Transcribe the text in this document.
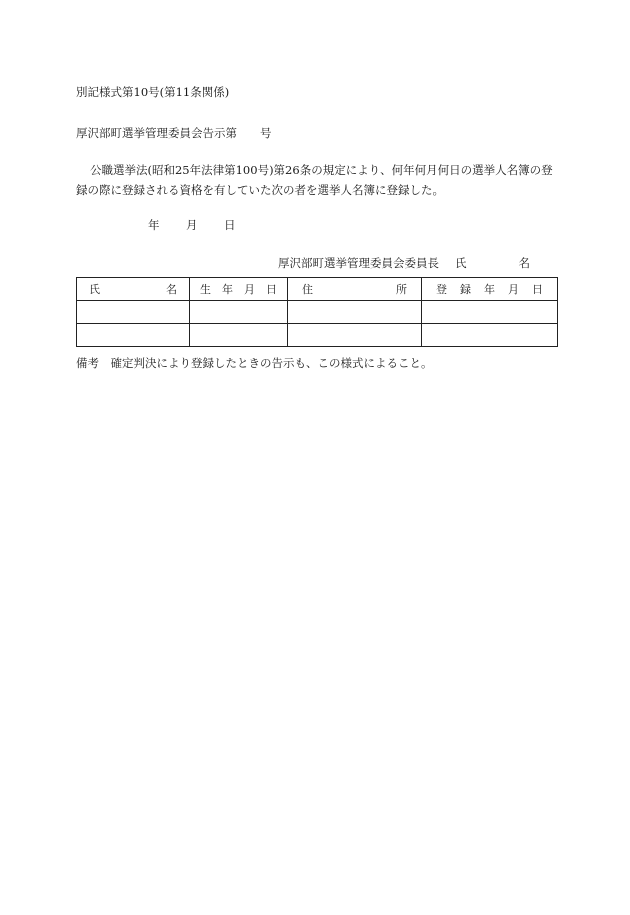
別記様式第10号(第11条関係)
厚沢部町選挙管理委員会告示第　　号
公職選挙法(昭和25年法律第100号)第26条の規定により、何年何月何日の選挙人名簿の登録の際に登録される資格を有していた次の者を選挙人名簿に登録した。
年 月 日
厚沢部町選挙管理委員会委員長 氏	名
氏 名	生 年 月 日	住 所	登 録 年 月 日

備考　確定判決により登録したときの告示も、この様式によること。
